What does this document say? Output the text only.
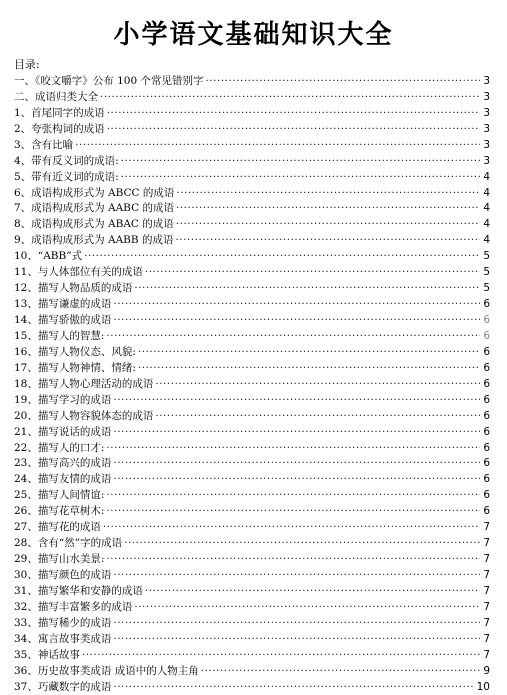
小学语文基础知识大全
目录:
一、《咬文嚼字》公布 100 个常见错别字 ·····	3
二、成语归类大全 ·····	3
1、首尾同字的成语 ·····	3
2、夸张构词的成语 ·····	3
3、含有比喻 ·····	3
4、带有反义词的成语: ·····	3
5、带有近义词的成语: ·····	4
6、成语构成形式为 ABCC 的成语 ·····	4
7、成语构成形式为 AABC 的成语 ·····	4
8、成语构成形式为 ABAC 的成语 ·····	4
9、成语构成形式为 AABB 的成语 ·····	4
10、“ABB”式 ·····	5
11、与人体部位有关的成语 ·····	5
12、描写人物品质的成语 ·····	5
13、描写谦虚的成语 ·····	6
14、描写骄傲的成语 ·····	6
15、描写人的智慧: ·····	6
16、描写人物仪态、风貌: ·····	6
17、描写人物神情、情绪: ·····	6
18、描写人物心理活动的成语 ·····	6
19、描写学习的成语 ·····	6
20、描写人物容貌体态的成语 ·····	6
21、描写说话的成语 ·····	6
22、描写人的口才: ·····	6
23、描写高兴的成语 ·····	6
24、描写友情的成语 ·····	6
25、描写人间情谊: ·····	6
26、描写花草树木: ·····	6
27、描写花的成语 ·····	7
28、含有“然”字的成语 ·····	7
29、描写山水美景: ·····	7
30、描写颜色的成语 ·····	7
31、描写繁华和安静的成语 ·····	7
32、描写丰富繁多的成语 ·····	7
33、描写稀少的成语 ·····	7
34、寓言故事类成语 ·····	7
35、神话故事 ·····	7
36、历史故事类成语 成语中的人物主角 ·····	9
37、巧藏数字的成语 ·····	10
